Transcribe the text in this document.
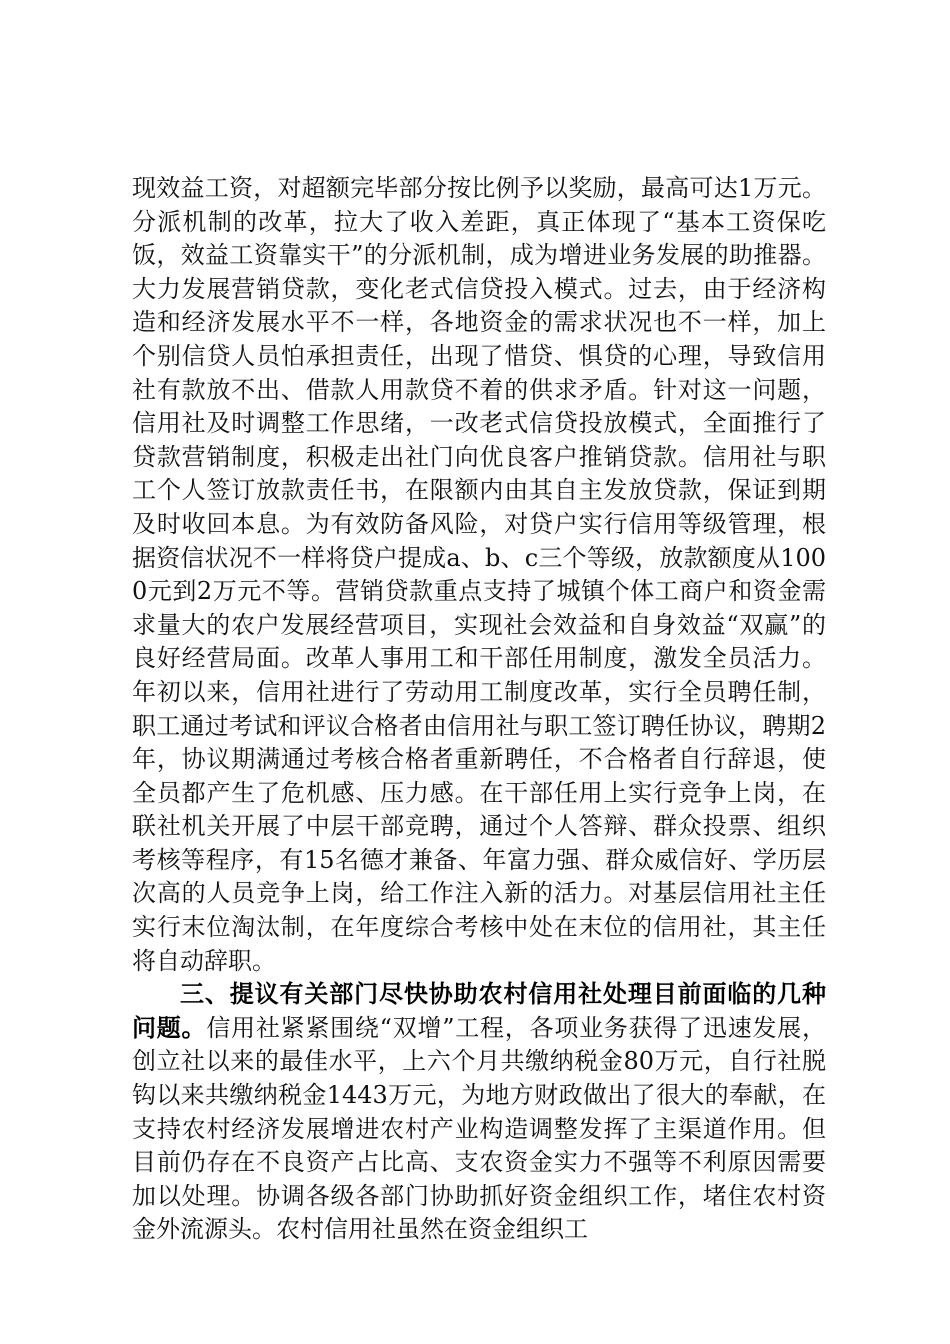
现效益工资，对超额完毕部分按比例予以奖励，最高可达1万元。分派机制的改革，拉大了收入差距，真正体现了“基本工资保吃饭，效益工资靠实干”的分派机制，成为增进业务发展的助推器。大力发展营销贷款，变化老式信贷投入模式。过去，由于经济构造和经济发展水平不一样，各地资金的需求状况也不一样，加上个别信贷人员怕承担责任，出现了惜贷、惧贷的心理，导致信用社有款放不出、借款人用款贷不着的供求矛盾。针对这一问题，信用社及时调整工作思绪，一改老式信贷投放模式，全面推行了贷款营销制度，积极走出社门向优良客户推销贷款。信用社与职工个人签订放款责任书，在限额内由其自主发放贷款，保证到期及时收回本息。为有效防备风险，对贷户实行信用等级管理，根据资信状况不一样将贷户提成a、b、c三个等级，放款额度从1000元到2万元不等。营销贷款重点支持了城镇个体工商户和资金需求量大的农户发展经营项目，实现社会效益和自身效益“双赢”的良好经营局面。改革人事用工和干部任用制度，激发全员活力。年初以来，信用社进行了劳动用工制度改革，实行全员聘任制，职工通过考试和评议合格者由信用社与职工签订聘任协议，聘期2年，协议期满通过考核合格者重新聘任，不合格者自行辞退，使全员都产生了危机感、压力感。在干部任用上实行竞争上岗，在联社机关开展了中层干部竞聘，通过个人答辩、群众投票、组织考核等程序，有15名德才兼备、年富力强、群众威信好、学历层次高的人员竞争上岗，给工作注入新的活力。对基层信用社主任实行末位淘汰制，在年度综合考核中处在末位的信用社，其主任将自动辞职。

三、提议有关部门尽快协助农村信用社处理目前面临的几种问题。信用社紧紧围绕“双增”工程，各项业务获得了迅速发展，创立社以来的最佳水平，上六个月共缴纳税金80万元，自行社脱钩以来共缴纳税金1443万元，为地方财政做出了很大的奉献，在支持农村经济发展增进农村产业构造调整发挥了主渠道作用。但目前仍存在不良资产占比高、支农资金实力不强等不利原因需要加以处理。协调各级各部门协助抓好资金组织工作，堵住农村资金外流源头。农村信用社虽然在资金组织工
